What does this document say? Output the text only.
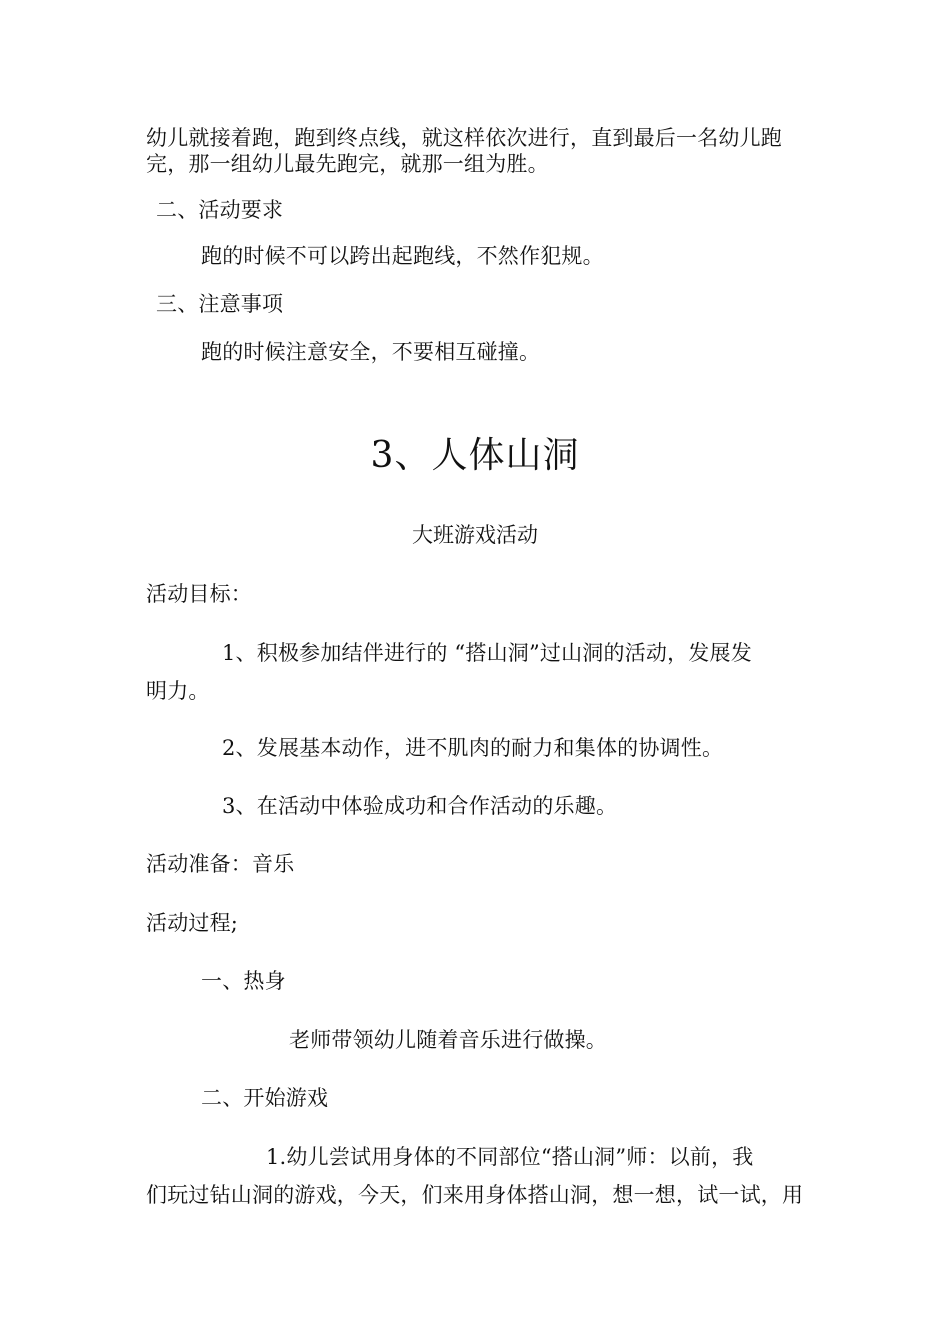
幼儿就接着跑，跑到终点线，就这样依次进行，直到最后一名幼儿跑
完，那一组幼儿最先跑完，就那一组为胜。
二、活动要求
跑的时候不可以跨出起跑线，不然作犯规。
三、注意事项
跑的时候注意安全，不要相互碰撞。
3、人体山洞
大班游戏活动
活动目标：
1、积极参加结伴进行的 “搭山洞”过山洞的活动，发展发
明力。
2、发展基本动作，进不肌肉的耐力和集体的协调性。
3、在活动中体验成功和合作活动的乐趣。
活动准备：音乐
活动过程;
一、热身
老师带领幼儿随着音乐进行做操。
二、开始游戏
1.幼儿尝试用身体的不同部位“搭山洞”师：以前，我
们玩过钻山洞的游戏，今天，们来用身体搭山洞，想一想，试一试，用
